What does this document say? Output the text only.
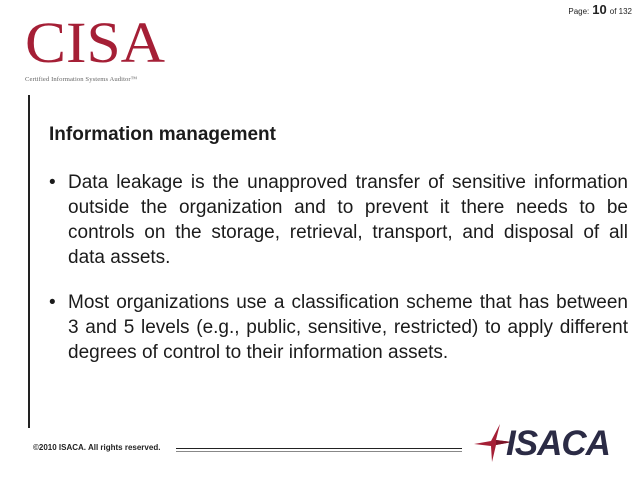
Page: 10 of 132
CISA
Certified Information Systems Auditor™
Information management
• Data leakage is the unapproved transfer of sensitive information outside the organization and to prevent it there needs to be controls on the storage, retrieval, transport, and disposal of all data assets.
• Most organizations use a classification scheme that has between 3 and 5 levels (e.g., public, sensitive, restricted) to apply different degrees of control to their information assets.
©2010 ISACA. All rights reserved.	ISACA
